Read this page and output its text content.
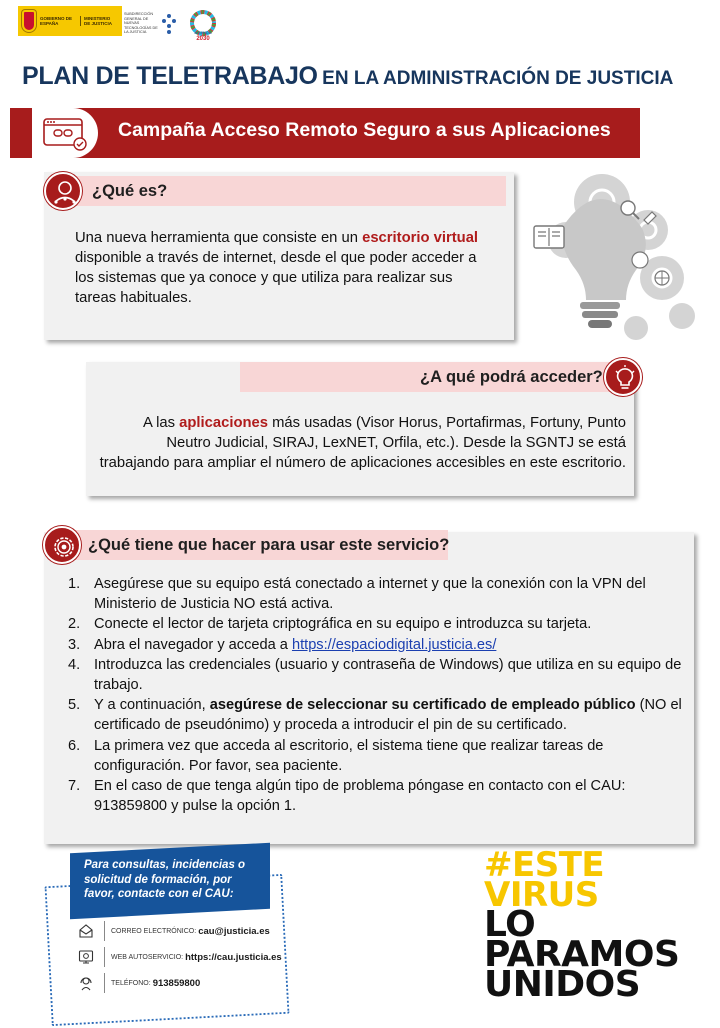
GOBIERNO DE ESPAÑA
MINISTERIO DE JUSTICIA
SUBDIRECCIÓN GENERAL DE NUEVAS TECNOLOGÍAS DE LA JUSTICIA	AGENDA
2030
PLAN DE TELETRABAJO EN LA ADMINISTRACIÓN DE JUSTICIA
Campaña Acceso Remoto Seguro a sus Aplicaciones
¿Qué es?
Una nueva herramienta que consiste en un escritorio virtual disponible a través de internet, desde el que poder acceder a los sistemas que ya conoce y que utiliza para realizar sus tareas habituales.
¿A qué podrá acceder?
A las aplicaciones más usadas (Visor Horus, Portafirmas, Fortuny, Punto Neutro Judicial, SIRAJ, LexNET, Orfila, etc.). Desde la SGNTJ se está trabajando para ampliar el número de aplicaciones accesibles en este escritorio.
¿Qué tiene que hacer para usar este servicio?
1. Asegúrese que su equipo está conectado a internet y que la conexión con la VPN del Ministerio de Justicia NO está activa.
2. Conecte el lector de tarjeta criptográfica en su equipo e introduzca su tarjeta.
3. Abra el navegador y acceda a https://espaciodigital.justicia.es/
4. Introduzca las credenciales (usuario y contraseña de Windows) que utiliza en su equipo de trabajo.
5. Y a continuación, asegúrese de seleccionar su certificado de empleado público (NO el certificado de pseudónimo) y proceda a introducir el pin de su certificado.
6. La primera vez que acceda al escritorio, el sistema tiene que realizar tareas de configuración. Por favor, sea paciente.
7. En el caso de que tenga algún tipo de problema póngase en contacto con el CAU: 913859800 y pulse la opción 1.
Para consultas, incidencias o solicitud de formación, por favor, contacte con el CAU:
CORREO ELECTRÓNICO: cau@justicia.es
WEB AUTOSERVICIO: https://cau.justicia.es
TELÉFONO: 913859800
#ESTE
VIRUS
LO
PARAMOS
UNIDOS
